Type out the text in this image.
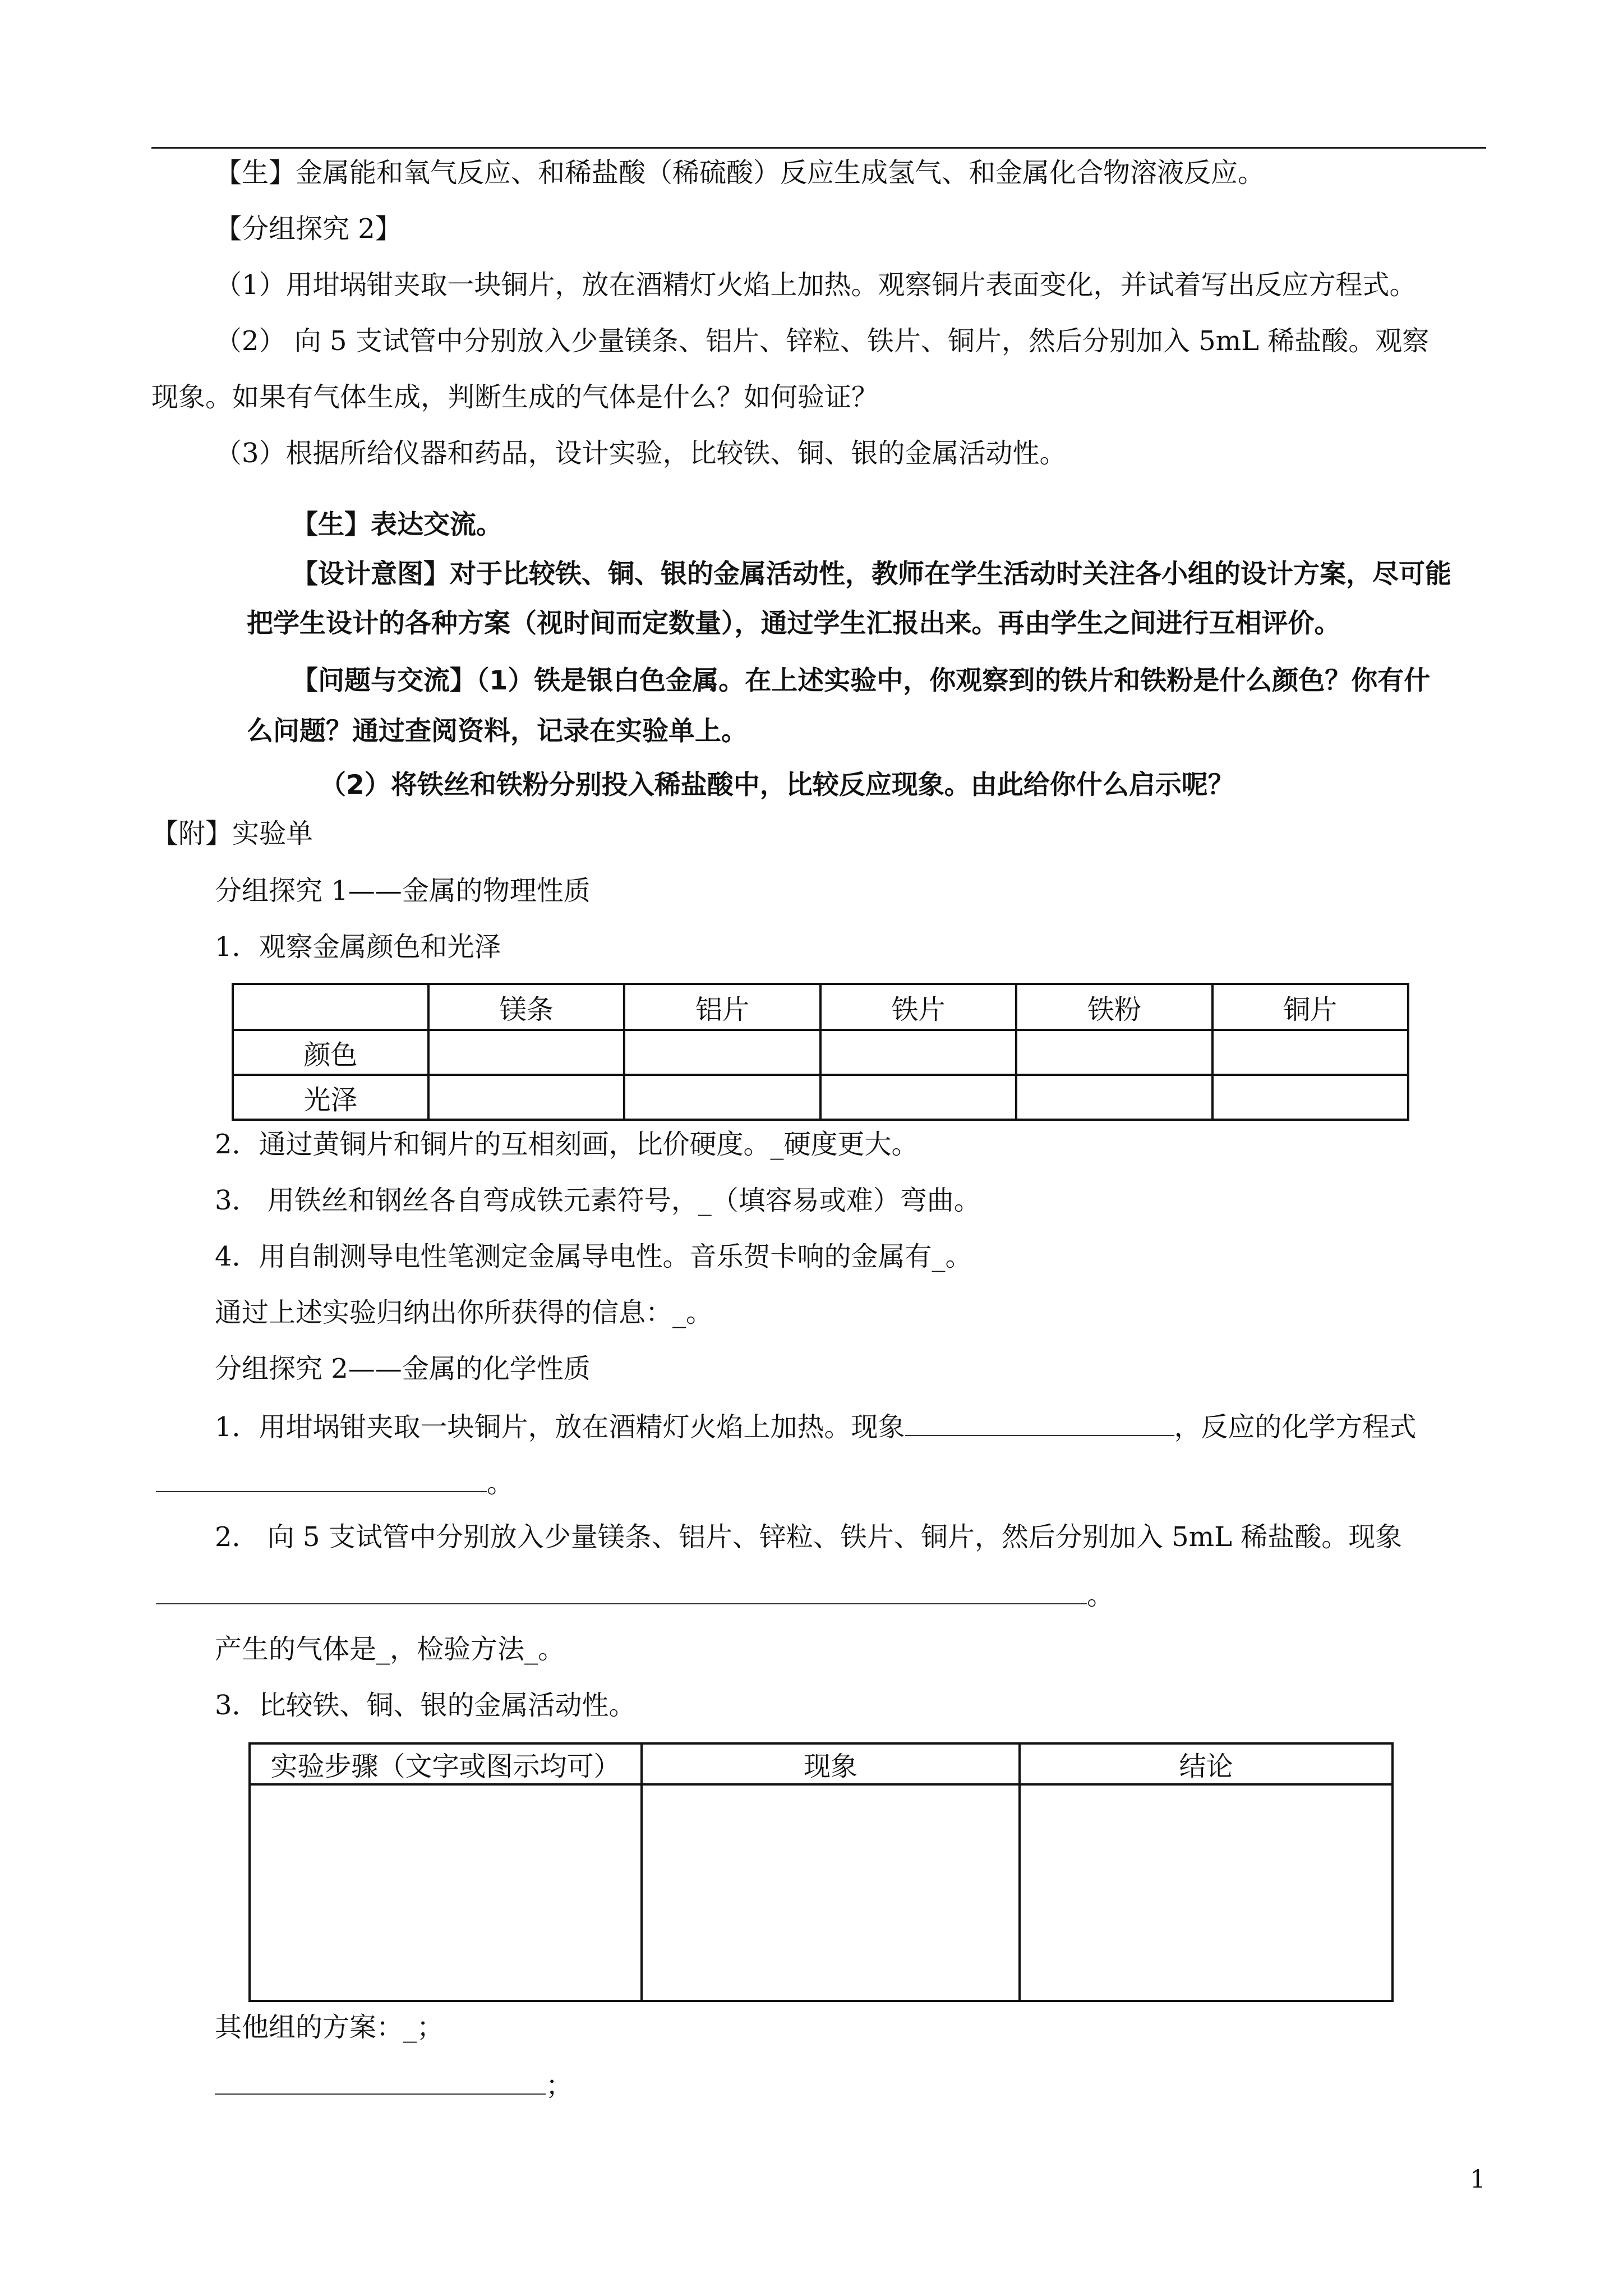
【生】金属能和氧气反应、和稀盐酸（稀硫酸）反应生成氢气、和金属化合物溶液反应。
【分组探究 2】
（1）用坩埚钳夹取一块铜片，放在酒精灯火焰上加热。观察铜片表面变化，并试着写出反应方程式。
（2） 向 5 支试管中分别放入少量镁条、铝片、锌粒、铁片、铜片，然后分别加入 5mL 稀盐酸。观察
现象。如果有气体生成，判断生成的气体是什么？如何验证？
（3）根据所给仪器和药品，设计实验，比较铁、铜、银的金属活动性。
【生】表达交流。
【设计意图】对于比较铁、铜、银的金属活动性，教师在学生活动时关注各小组的设计方案，尽可能
把学生设计的各种方案（视时间而定数量），通过学生汇报出来。再由学生之间进行互相评价。
【问题与交流】（1）铁是银白色金属。在上述实验中，你观察到的铁片和铁粉是什么颜色？你有什
么问题？通过查阅资料，记录在实验单上。
（2）将铁丝和铁粉分别投入稀盐酸中，比较反应现象。由此给你什么启示呢？
【附】实验单
分组探究 1——金属的物理性质
1．观察金属颜色和光泽
	镁条	铝片	铁片	铁粉	铜片
颜色					
光泽					
2．通过黄铜片和铜片的互相刻画，比价硬度。_硬度更大。
3． 用铁丝和钢丝各自弯成铁元素符号，_（填容易或难）弯曲。
4．用自制测导电性笔测定金属导电性。音乐贺卡响的金属有_。
通过上述实验归纳出你所获得的信息：_。
分组探究 2——金属的化学性质
1．用坩埚钳夹取一块铜片，放在酒精灯火焰上加热。现象	，反应的化学方程式
。
2． 向 5 支试管中分别放入少量镁条、铝片、锌粒、铁片、铜片，然后分别加入 5mL 稀盐酸。现象
。
产生的气体是_，检验方法_。
3．比较铁、铜、银的金属活动性。
实验步骤（文字或图示均可）	现象	结论

其他组的方案：_；
；
1
